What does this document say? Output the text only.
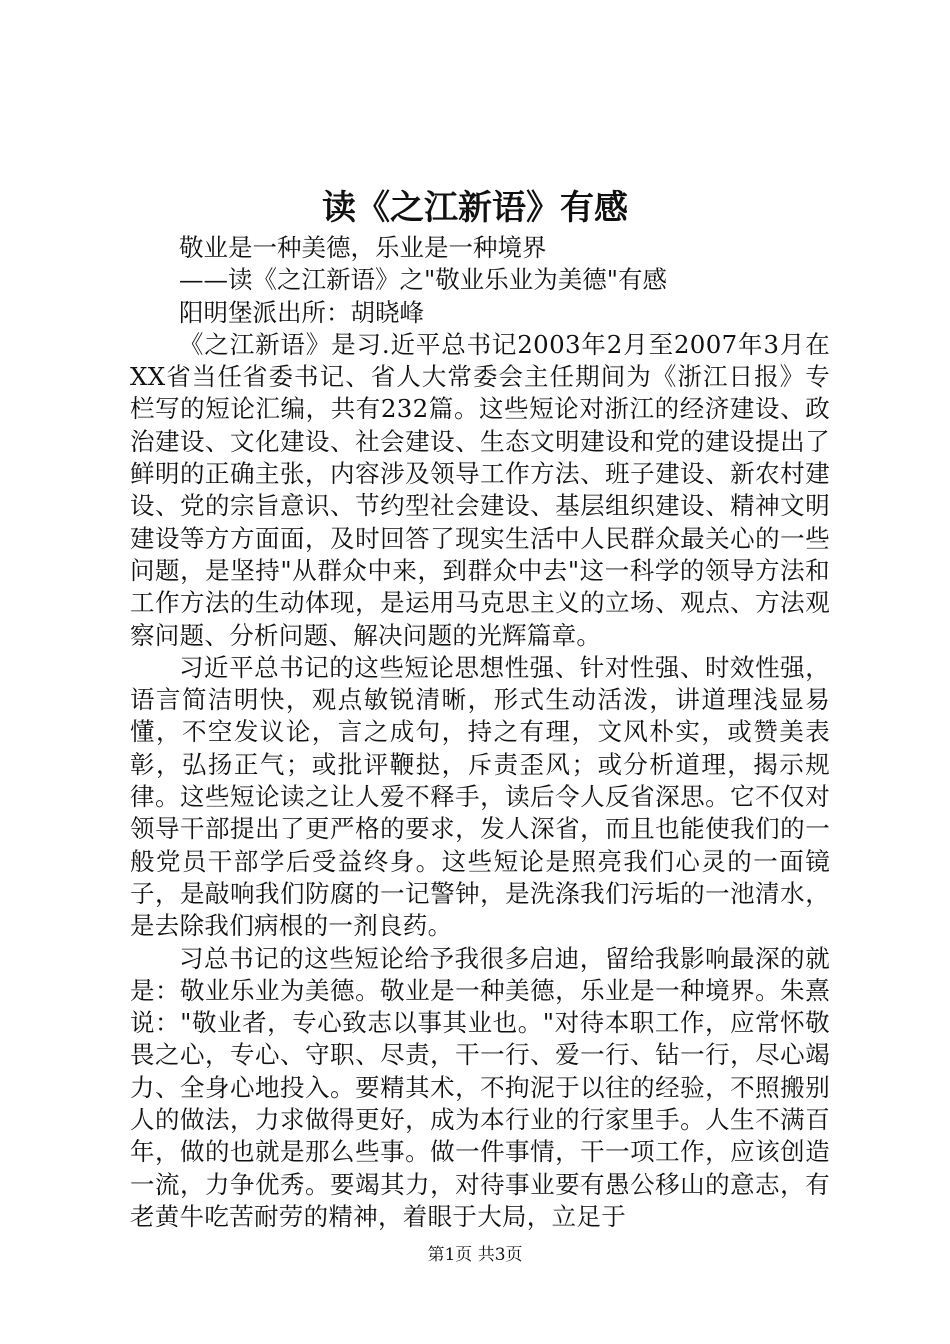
读《之江新语》有感

敬业是一种美德，乐业是一种境界

——读《之江新语》之"敬业乐业为美德"有感

阳明堡派出所：胡晓峰

《之江新语》是习.近平总书记2003年2月至2007年3月在XX省当任省委书记、省人大常委会主任期间为《浙江日报》专栏写的短论汇编，共有232篇。这些短论对浙江的经济建设、政治建设、文化建设、社会建设、生态文明建设和党的建设提出了鲜明的正确主张，内容涉及领导工作方法、班子建设、新农村建设、党的宗旨意识、节约型社会建设、基层组织建设、精神文明建设等方方面面，及时回答了现实生活中人民群众最关心的一些问题，是坚持"从群众中来，到群众中去"这一科学的领导方法和工作方法的生动体现，是运用马克思主义的立场、观点、方法观察问题、分析问题、解决问题的光辉篇章。

习近平总书记的这些短论思想性强、针对性强、时效性强，语言简洁明快，观点敏锐清晰，形式生动活泼，讲道理浅显易懂，不空发议论，言之成句，持之有理，文风朴实，或赞美表彰，弘扬正气；或批评鞭挞，斥责歪风；或分析道理，揭示规律。这些短论读之让人爱不释手，读后令人反省深思。它不仅对领导干部提出了更严格的要求，发人深省，而且也能使我们的一般党员干部学后受益终身。这些短论是照亮我们心灵的一面镜子，是敲响我们防腐的一记警钟，是洗涤我们污垢的一池清水，是去除我们病根的一剂良药。

习总书记的这些短论给予我很多启迪，留给我影响最深的就是：敬业乐业为美德。敬业是一种美德，乐业是一种境界。朱熹说："敬业者，专心致志以事其业也。"对待本职工作，应常怀敬畏之心，专心、守职、尽责，干一行、爱一行、钻一行，尽心竭力、全身心地投入。要精其术，不拘泥于以往的经验，不照搬别人的做法，力求做得更好，成为本行业的行家里手。人生不满百年，做的也就是那么些事。做一件事情，干一项工作，应该创造一流，力争优秀。要竭其力，对待事业要有愚公移山的意志，有老黄牛吃苦耐劳的精神，着眼于大局，立足于

第1页 共3页
